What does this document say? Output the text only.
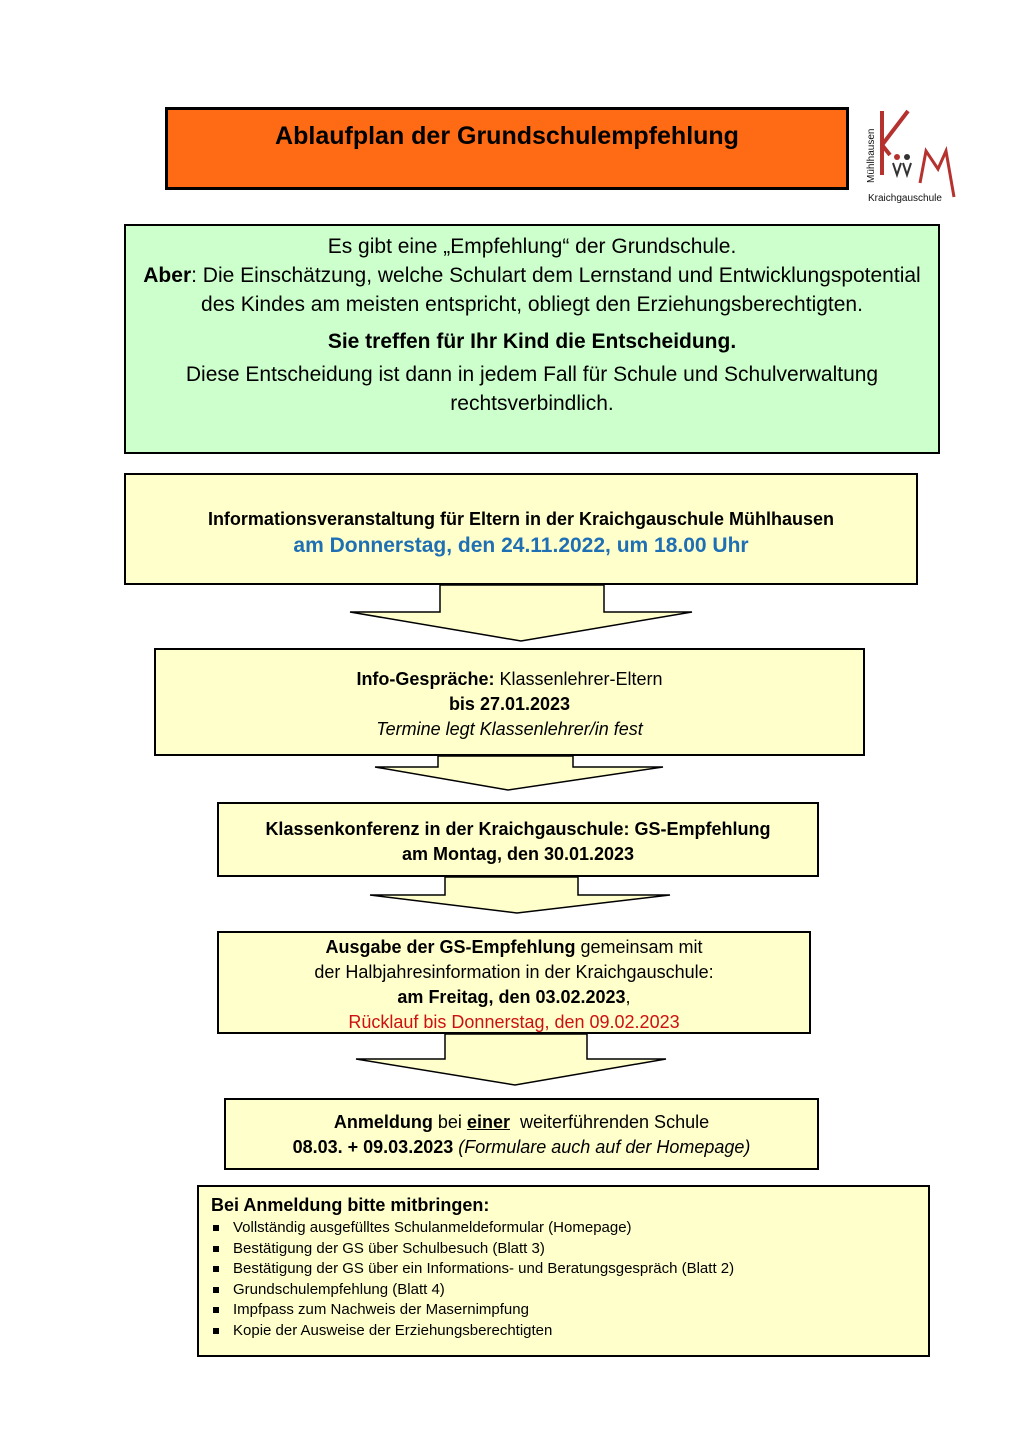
Ablaufplan der Grundschulempfehlung	Mühlhausen
Kraichgauschule
Es gibt eine „Empfehlung“ der Grundschule.
Aber: Die Einschätzung, welche Schulart dem Lernstand und Entwicklungspotential des Kindes am meisten entspricht, obliegt den Erziehungsberechtigten.
Sie treffen für Ihr Kind die Entscheidung.
Diese Entscheidung ist dann in jedem Fall für Schule und Schulverwaltung rechtsverbindlich.
Informationsveranstaltung für Eltern in der Kraichgauschule Mühlhausen
am Donnerstag, den 24.11.2022, um 18.00 Uhr
Info-Gespräche: Klassenlehrer-Eltern
bis 27.01.2023
Termine legt Klassenlehrer/in fest
Klassenkonferenz in der Kraichgauschule: GS-Empfehlung
am Montag, den 30.01.2023
Ausgabe der GS-Empfehlung gemeinsam mit
der Halbjahresinformation in der Kraichgauschule:
am Freitag, den 03.02.2023,
Rücklauf bis Donnerstag, den 09.02.2023
Anmeldung bei einer  weiterführenden Schule
08.03. + 09.03.2023 (Formulare auch auf der Homepage)
Bei Anmeldung bitte mitbringen:
Vollständig ausgefülltes Schulanmeldeformular (Homepage)
Bestätigung der GS über Schulbesuch (Blatt 3)
Bestätigung der GS über ein Informations- und Beratungsgespräch (Blatt 2)
Grundschulempfehlung (Blatt 4)
Impfpass zum Nachweis der Masernimpfung
Kopie der Ausweise der Erziehungsberechtigten
